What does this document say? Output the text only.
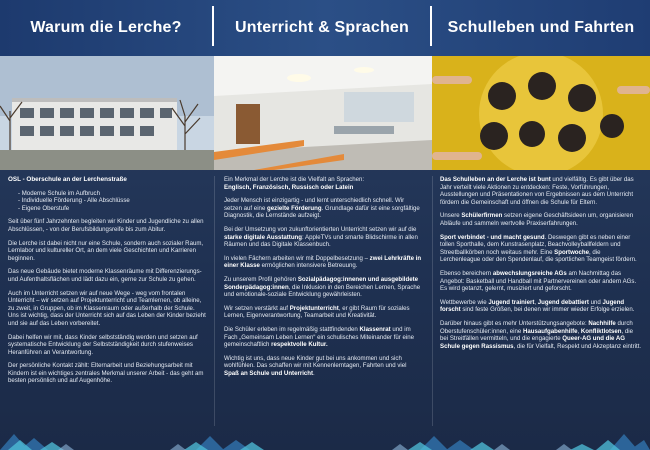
Warum die Lerche?	Unterricht & Sprachen	Schulleben und Fahrten
OSL - Oberschule an der Lerchenstraße
- Moderne Schule im Aufbruch
- Individuelle Förderung - Alle Abschlüsse
- Eigene Oberstufe

Seit über fünf Jahrzehnten begleiten wir Kinder und Jugendliche zu allen Abschlüssen, - von der Berufsbildungsreife bis zum Abitur.

Die Lerche ist dabei nicht nur eine Schule, sondern auch sozialer Raum, Lernlabor und kultureller Ort, an dem viele Geschichten und Karrieren beginnen.

Das neue Gebäude bietet moderne Klassenräume mit Differenzierungs- und Aufenthaltsflächen und lädt dazu ein, gerne zur Schule zu gehen.

Auch im Unterricht setzen wir auf neue Wege - weg vom frontalen Unterricht – wir setzen auf Projektunterricht und Teamlernen, ob alleine, zu zweit, in Gruppen, ob im Klassenraum oder außerhalb der Schule. Uns ist wichtig, dass der Unterricht sich auf das Leben der Kinder bezieht und sie auf das Leben vorbereitet.

Dabei helfen wir mit, dass Kinder selbstständig werden und setzen auf systematische Entwicklung der Selbstständigkeit durch stufenweises Heranführen an Verantwortung.

Der persönliche Kontakt zählt: Elternarbeit und Beziehungsarbeit mit Kindern ist ein wichtiges zentrales Merkmal unserer Arbeit - das geht am besten persönlich und auf Augenhöhe.

Ein Merkmal der Lerche ist die Vielfalt an Sprachen:
Englisch, Französisch, Russisch oder Latein

Jeder Mensch ist einzigartig - und lernt unterschiedlich schnell. Wir setzen auf eine gezielte Förderung. Grundlage dafür ist eine sorgfältige Diagnostik, die Lernstände aufzeigt.

Bei der Umsetzung von zukunftorientierten Unterricht setzen wir auf die starke digitale Ausstattung: AppleTVs und smarte Blidschirme in allen Räumen und das Digitale Klassenbuch.

In vielen Fächern arbeiten wir mit Doppelbesetzung – zwei Lehrkräfte in einer Klasse ermöglichen intensivere Betreuung.

Zu unserem Profil gehören Sozialpädagog:innenen und ausgebildete Sonderpädagog:innen, die Inklusion in den Bereichen Lernen, Sprache und emotionale-soziale Entwicklung gewährleisten.

Wir setzen verstärkt auf Projektunterricht, er gibt Raum für soziales Lernen, Eigenverantwortung, Teamarbeit und Kreativität.

Die Schüler erleben im regelmäßig stattfindenden Klassenrat und im Fach „Gemeinsam Leben Lernen“ ein schulisches Miteinander für eine gemeinschaftlich respektvolle Kultur.

Wichtig ist uns, dass neue Kinder gut bei uns ankommen und sich wohlfühlen. Das schaffen wir mit Kennenlerntagen, Fahrten und viel Spaß an Schule und Unterricht.

Das Schulleben an der Lerche ist bunt und vielfältig. Es gibt über das Jahr verteilt viele Aktionen zu entdecken: Feste, Vorführungen, Ausstellungen und Präsentationen von Ergebnissen aus dem Unterricht fördern die Gemeinschaft und öffnen die Schule für Eltern.

Unsere Schülerfirmen setzen eigene Geschäftsideen um, organisieren Abläufe und sammeln wertvolle Praxiserfahrungen.

Sport verbindet - und macht gesund. Deswegen gibt es neben einer tollen Sporthalle, dem Kunstrasenplatz, Beachvolleyballfeldern und Streetballkörben noch weitaus mehr. Eine Sportwoche, die Lerchenleague oder den Spendenlauf, die sportlichen Teamgeist fördern.

Ebenso bereichern abwechslungsreiche AGs am Nachmittag das Angebot: Basketball und Handball mit Partnervereinen oder andern AGs. Es wird getanzt, gelernt, musiziert und geforscht.

Wettbewerbe wie Jugend trainiert, Jugend debattiert und Jugend forscht sind feste Größen, bei denen wir immer wieder Erfolge erzielen.

Darüber hinaus gibt es mehr Unterstützungsangebote: Nachhilfe durch Oberstufenschüler:innen, eine Hausaufgabenhilfe, Konfliktlotsen, die bei Streitfällen vermitteln, und die engagierte Queer-AG und die AG Schule gegen Rassismus, die für Vielfalt, Respekt und Akzeptanz eintritt.
